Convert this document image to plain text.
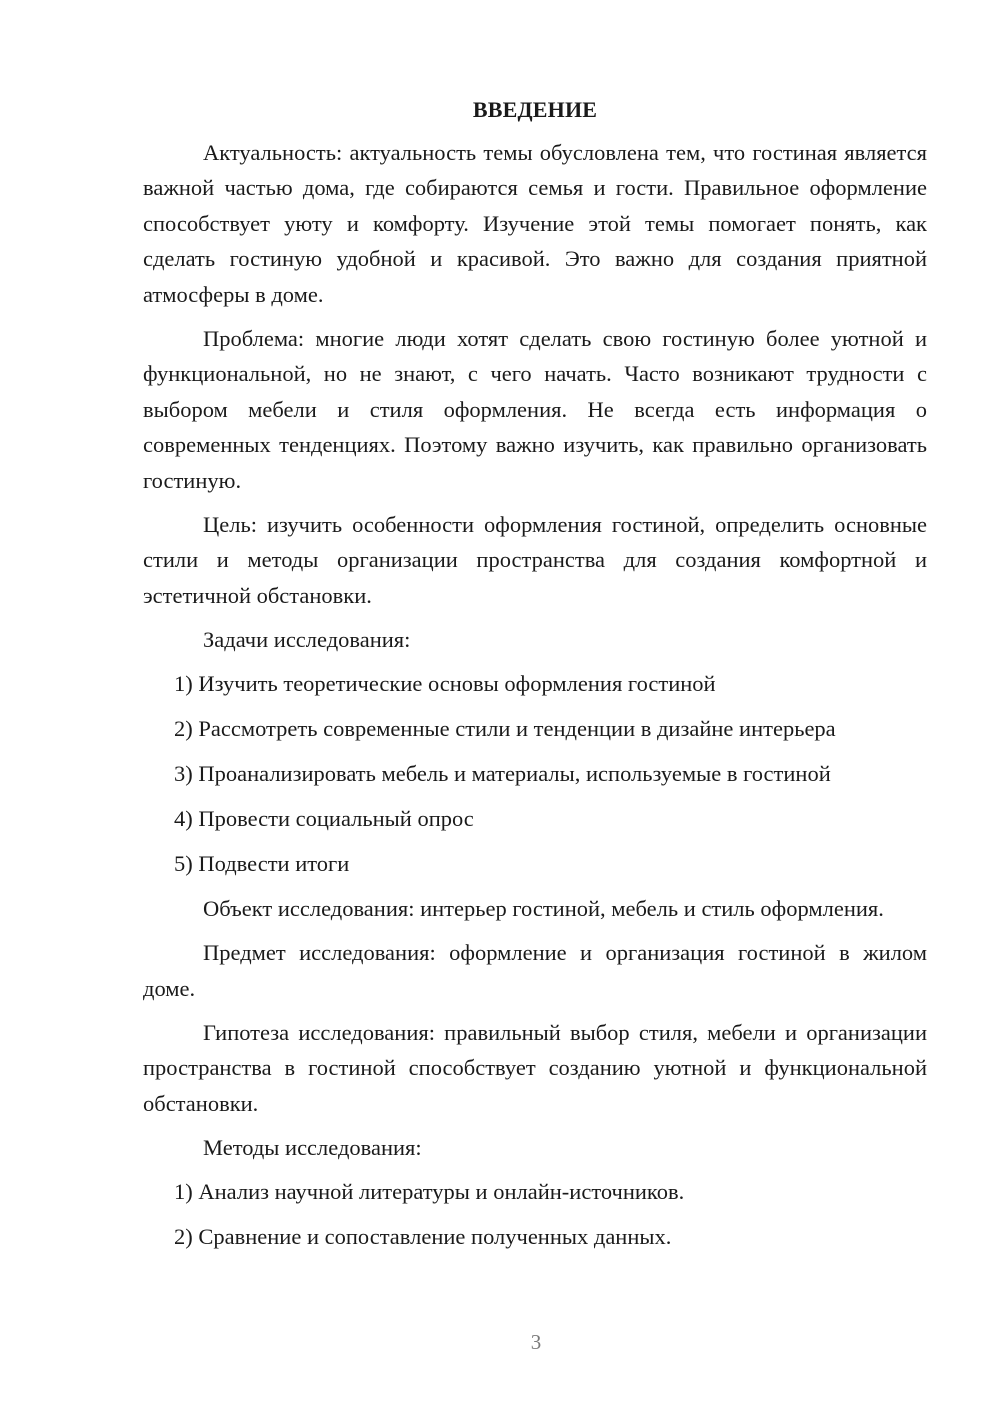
ВВЕДЕНИЕ

Актуальность: актуальность темы обусловлена тем, что гостиная является важной частью дома, где собираются семья и гости. Правильное оформление способствует уюту и комфорту. Изучение этой темы помогает понять, как сделать гостиную удобной и красивой. Это важно для создания приятной атмосферы в доме.

Проблема: многие люди хотят сделать свою гостиную более уютной и функциональной, но не знают, с чего начать. Часто возникают трудности с выбором мебели и стиля оформления. Не всегда есть информация о современных тенденциях. Поэтому важно изучить, как правильно организовать гостиную.

Цель: изучить особенности оформления гостиной, определить основные стили и методы организации пространства для создания комфортной и эстетичной обстановки.

Задачи исследования:

1) Изучить теоретические основы оформления гостиной
2) Рассмотреть современные стили и тенденции в дизайне интерьера
3) Проанализировать мебель и материалы, используемые в гостиной
4) Провести социальный опрос
5) Подвести итоги

Объект исследования: интерьер гостиной, мебель и стиль оформления.

Предмет исследования: оформление и организация гостиной в жилом доме.

Гипотеза исследования: правильный выбор стиля, мебели и организации пространства в гостиной способствует созданию уютной и функциональной обстановки.

Методы исследования:

1) Анализ научной литературы и онлайн-источников.
2) Сравнение и сопоставление полученных данных.
3
